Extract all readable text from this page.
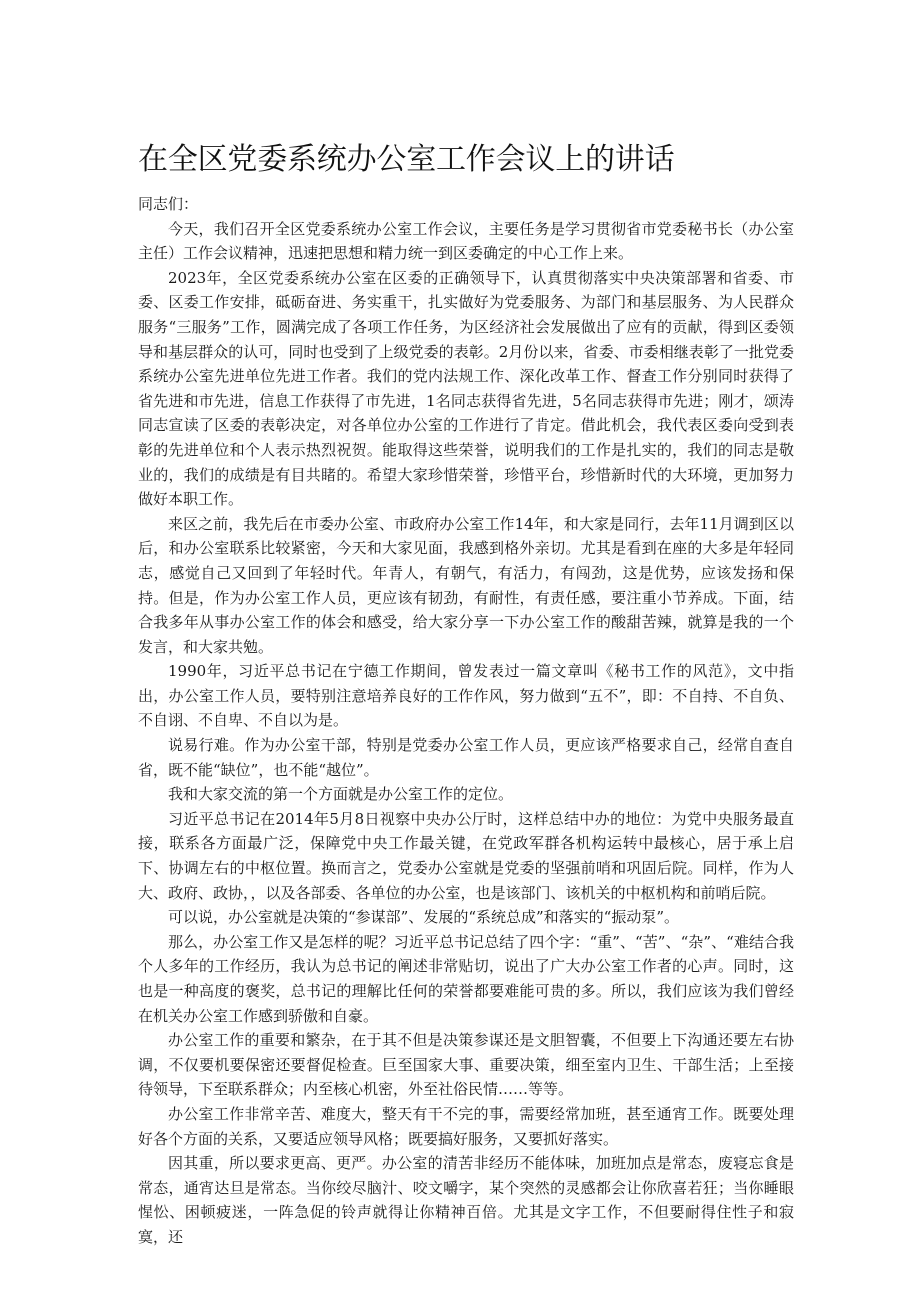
在全区党委系统办公室工作会议上的讲话

同志们：

今天，我们召开全区党委系统办公室工作会议，主要任务是学习贯彻省市党委秘书长（办公室主任）工作会议精神，迅速把思想和精力统一到区委确定的中心工作上来。

2023年，全区党委系统办公室在区委的正确领导下，认真贯彻落实中央决策部署和省委、市委、区委工作安排，砥砺奋进、务实重干，扎实做好为党委服务、为部门和基层服务、为人民群众服务“三服务”工作，圆满完成了各项工作任务，为区经济社会发展做出了应有的贡献，得到区委领导和基层群众的认可，同时也受到了上级党委的表彰。2月份以来，省委、市委相继表彰了一批党委系统办公室先进单位先进工作者。我们的党内法规工作、深化改革工作、督查工作分别同时获得了省先进和市先进，信息工作获得了市先进，1名同志获得省先进，5名同志获得市先进；刚才，颂涛同志宣读了区委的表彰决定，对各单位办公室的工作进行了肯定。借此机会，我代表区委向受到表彰的先进单位和个人表示热烈祝贺。能取得这些荣誉，说明我们的工作是扎实的，我们的同志是敬业的，我们的成绩是有目共睹的。希望大家珍惜荣誉，珍惜平台，珍惜新时代的大环境，更加努力做好本职工作。

来区之前，我先后在市委办公室、市政府办公室工作14年，和大家是同行，去年11月调到区以后，和办公室联系比较紧密，今天和大家见面，我感到格外亲切。尤其是看到在座的大多是年轻同志，感觉自己又回到了年轻时代。年青人，有朝气，有活力，有闯劲，这是优势，应该发扬和保持。但是，作为办公室工作人员，更应该有韧劲，有耐性，有责任感，要注重小节养成。下面，结合我多年从事办公室工作的体会和感受，给大家分享一下办公室工作的酸甜苦辣，就算是我的一个发言，和大家共勉。

1990年，习近平总书记在宁德工作期间，曾发表过一篇文章叫《秘书工作的风范》，文中指出，办公室工作人员，要特别注意培养良好的工作作风，努力做到“五不”，即：不自持、不自负、不自诩、不自卑、不自以为是。

说易行难。作为办公室干部，特别是党委办公室工作人员，更应该严格要求自己，经常自查自省，既不能“缺位”，也不能“越位”。

我和大家交流的第一个方面就是办公室工作的定位。

习近平总书记在2014年5月8日视察中央办公厅时，这样总结中办的地位：为党中央服务最直接，联系各方面最广泛，保障党中央工作最关键，在党政军群各机构运转中最核心，居于承上启下、协调左右的中枢位置。换而言之，党委办公室就是党委的坚强前哨和巩固后院。同样，作为人大、政府、政协，，以及各部委、各单位的办公室，也是该部门、该机关的中枢机构和前哨后院。

可以说，办公室就是决策的“参谋部”、发展的“系统总成”和落实的“振动泵”。

那么，办公室工作又是怎样的呢？习近平总书记总结了四个字：“重”、“苦”、“杂”、“难结合我个人多年的工作经历，我认为总书记的阐述非常贴切，说出了广大办公室工作者的心声。同时，这也是一种高度的褒奖，总书记的理解比任何的荣誉都要难能可贵的多。所以，我们应该为我们曾经在机关办公室工作感到骄傲和自豪。

办公室工作的重要和繁杂，在于其不但是决策参谋还是文胆智囊，不但要上下沟通还要左右协调，不仅要机要保密还要督促检查。巨至国家大事、重要决策，细至室内卫生、干部生活；上至接待领导，下至联系群众；内至核心机密，外至社俗民情……等等。

办公室工作非常辛苦、难度大，整天有干不完的事，需要经常加班，甚至通宵工作。既要处理好各个方面的关系，又要适应领导风格；既要搞好服务，又要抓好落实。

因其重，所以要求更高、更严。办公室的清苦非经历不能体味，加班加点是常态，废寝忘食是常态，通宵达旦是常态。当你绞尽脑汁、咬文嚼字，某个突然的灵感都会让你欣喜若狂；当你睡眼惺忪、困顿疲迷，一阵急促的铃声就得让你精神百倍。尤其是文字工作，不但要耐得住性子和寂寞，还
